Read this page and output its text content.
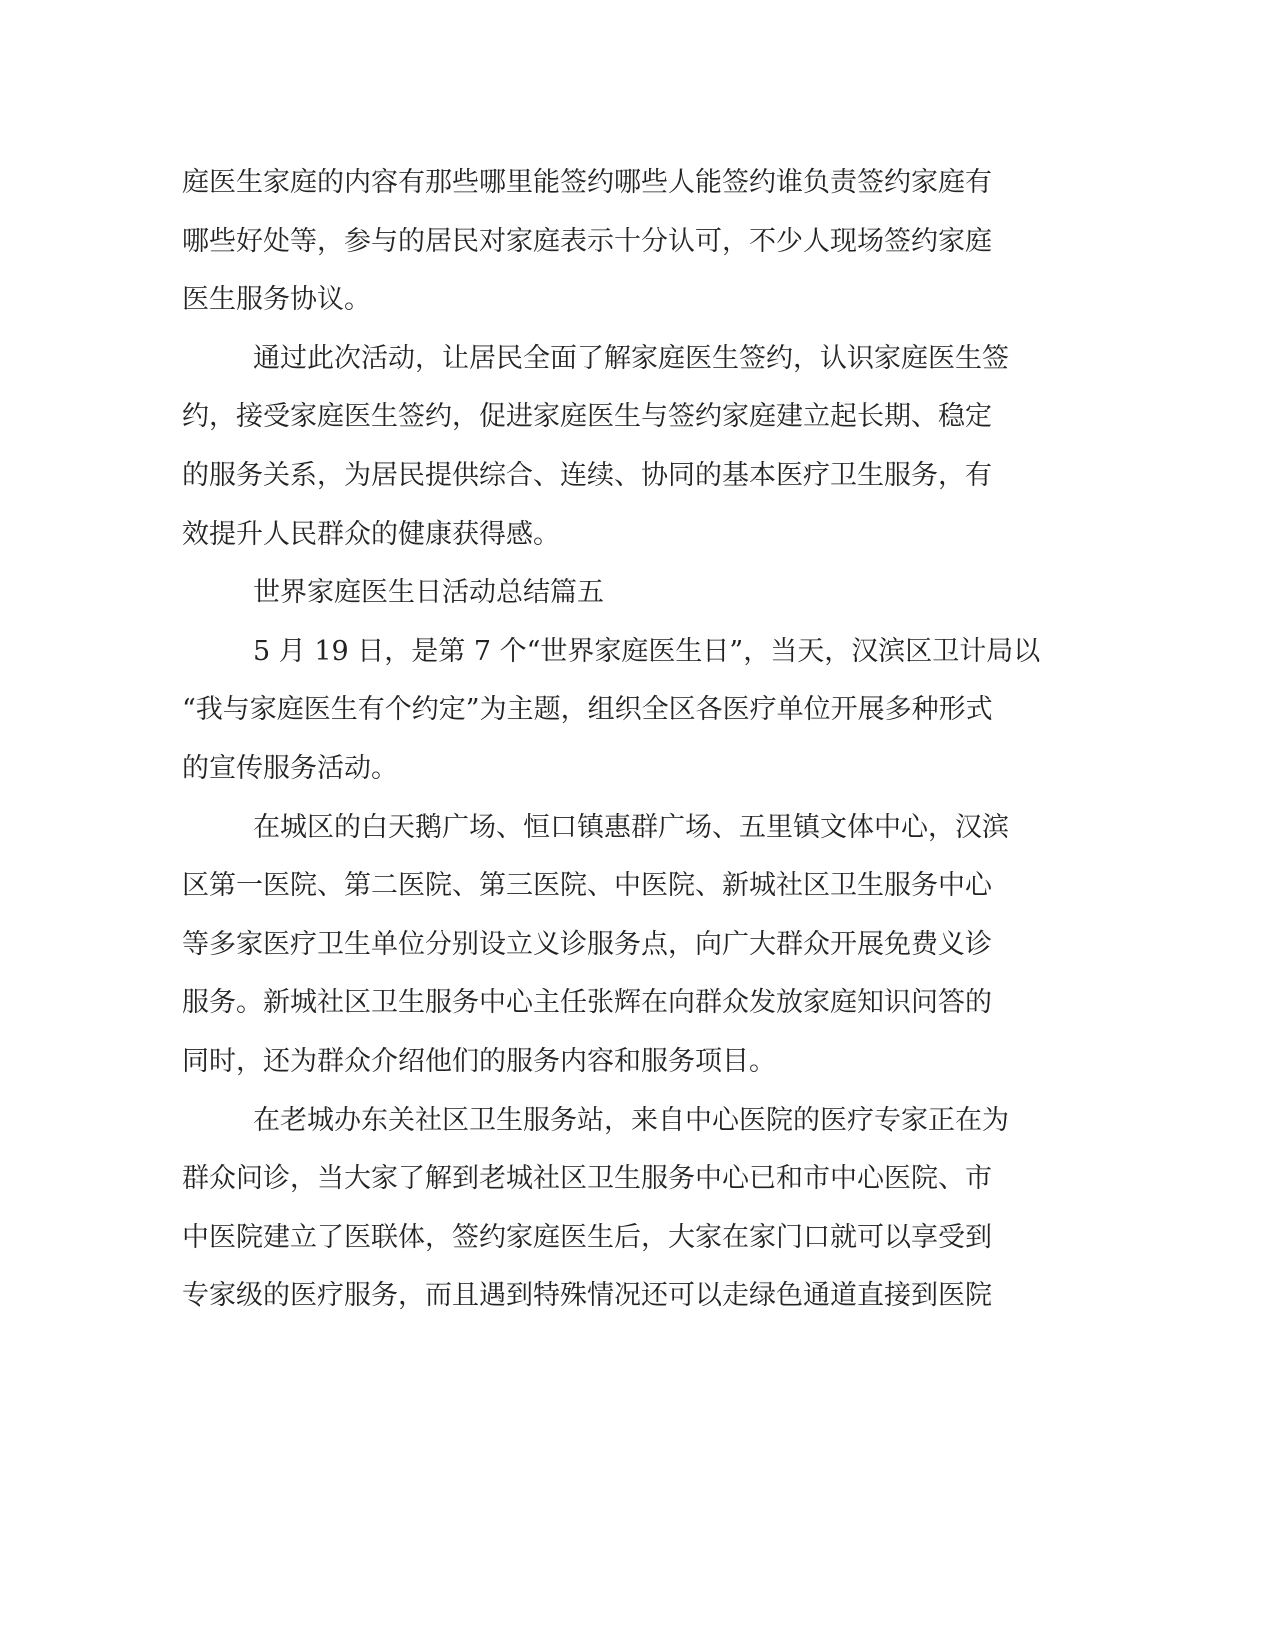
庭医生家庭的内容有那些哪里能签约哪些人能签约谁负责签约家庭有
哪些好处等，参与的居民对家庭表示十分认可，不少人现场签约家庭
医生服务协议。
通过此次活动，让居民全面了解家庭医生签约，认识家庭医生签
约，接受家庭医生签约，促进家庭医生与签约家庭建立起长期、稳定
的服务关系，为居民提供综合、连续、协同的基本医疗卫生服务，有
效提升人民群众的健康获得感。
世界家庭医生日活动总结篇五
5 月 19 日，是第 7 个“世界家庭医生日”，当天，汉滨区卫计局以
“我与家庭医生有个约定”为主题，组织全区各医疗单位开展多种形式
的宣传服务活动。
在城区的白天鹅广场、恒口镇惠群广场、五里镇文体中心，汉滨
区第一医院、第二医院、第三医院、中医院、新城社区卫生服务中心
等多家医疗卫生单位分别设立义诊服务点，向广大群众开展免费义诊
服务。新城社区卫生服务中心主任张辉在向群众发放家庭知识问答的
同时，还为群众介绍他们的服务内容和服务项目。
在老城办东关社区卫生服务站，来自中心医院的医疗专家正在为
群众问诊，当大家了解到老城社区卫生服务中心已和市中心医院、市
中医院建立了医联体，签约家庭医生后，大家在家门口就可以享受到
专家级的医疗服务，而且遇到特殊情况还可以走绿色通道直接到医院
